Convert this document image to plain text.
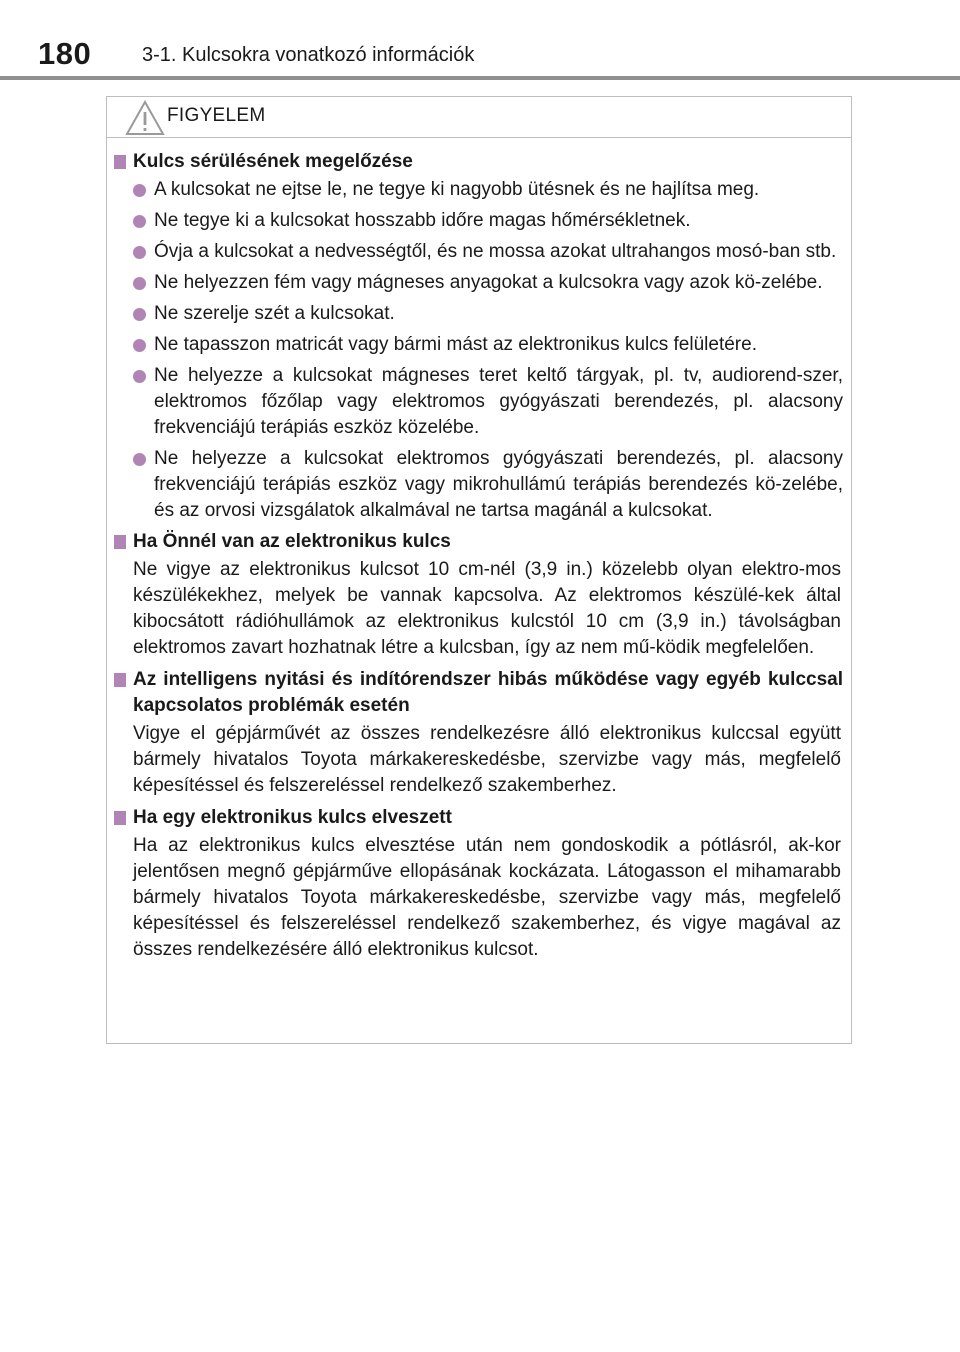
180	3-1. Kulcsokra vonatkozó információk
FIGYELEM
Kulcs sérülésének megelőzése
A kulcsokat ne ejtse le, ne tegye ki nagyobb ütésnek és ne hajlítsa meg.
Ne tegye ki a kulcsokat hosszabb időre magas hőmérsékletnek.
Óvja a kulcsokat a nedvességtől, és ne mossa azokat ultrahangos mosó-ban stb.
Ne helyezzen fém vagy mágneses anyagokat a kulcsokra vagy azok kö-zelébe.
Ne szerelje szét a kulcsokat.
Ne tapasszon matricát vagy bármi mást az elektronikus kulcs felületére.
Ne helyezze a kulcsokat mágneses teret keltő tárgyak, pl. tv, audiorend-szer, elektromos főzőlap vagy elektromos gyógyászati berendezés, pl. alacsony frekvenciájú terápiás eszköz közelébe.
Ne helyezze a kulcsokat elektromos gyógyászati berendezés, pl. alacsony frekvenciájú terápiás eszköz vagy mikrohullámú terápiás berendezés kö-zelébe, és az orvosi vizsgálatok alkalmával ne tartsa magánál a kulcsokat.
Ha Önnél van az elektronikus kulcs
Ne vigye az elektronikus kulcsot 10 cm-nél (3,9 in.) közelebb olyan elektro-mos készülékekhez, melyek be vannak kapcsolva. Az elektromos készülé-kek által kibocsátott rádióhullámok az elektronikus kulcstól 10 cm (3,9 in.) távolságban elektromos zavart hozhatnak létre a kulcsban, így az nem mű-ködik megfelelően.
Az intelligens nyitási és indítórendszer hibás működése vagy egyéb kulccsal kapcsolatos problémák esetén
Vigye el gépjárművét az összes rendelkezésre álló elektronikus kulccsal együtt bármely hivatalos Toyota márkakereskedésbe, szervizbe vagy más, megfelelő képesítéssel és felszereléssel rendelkező szakemberhez.
Ha egy elektronikus kulcs elveszett
Ha az elektronikus kulcs elvesztése után nem gondoskodik a pótlásról, ak-kor jelentősen megnő gépjárműve ellopásának kockázata. Látogasson el mihamarabb bármely hivatalos Toyota márkakereskedésbe, szervizbe vagy más, megfelelő képesítéssel és felszereléssel rendelkező szakemberhez, és vigye magával az összes rendelkezésére álló elektronikus kulcsot.
